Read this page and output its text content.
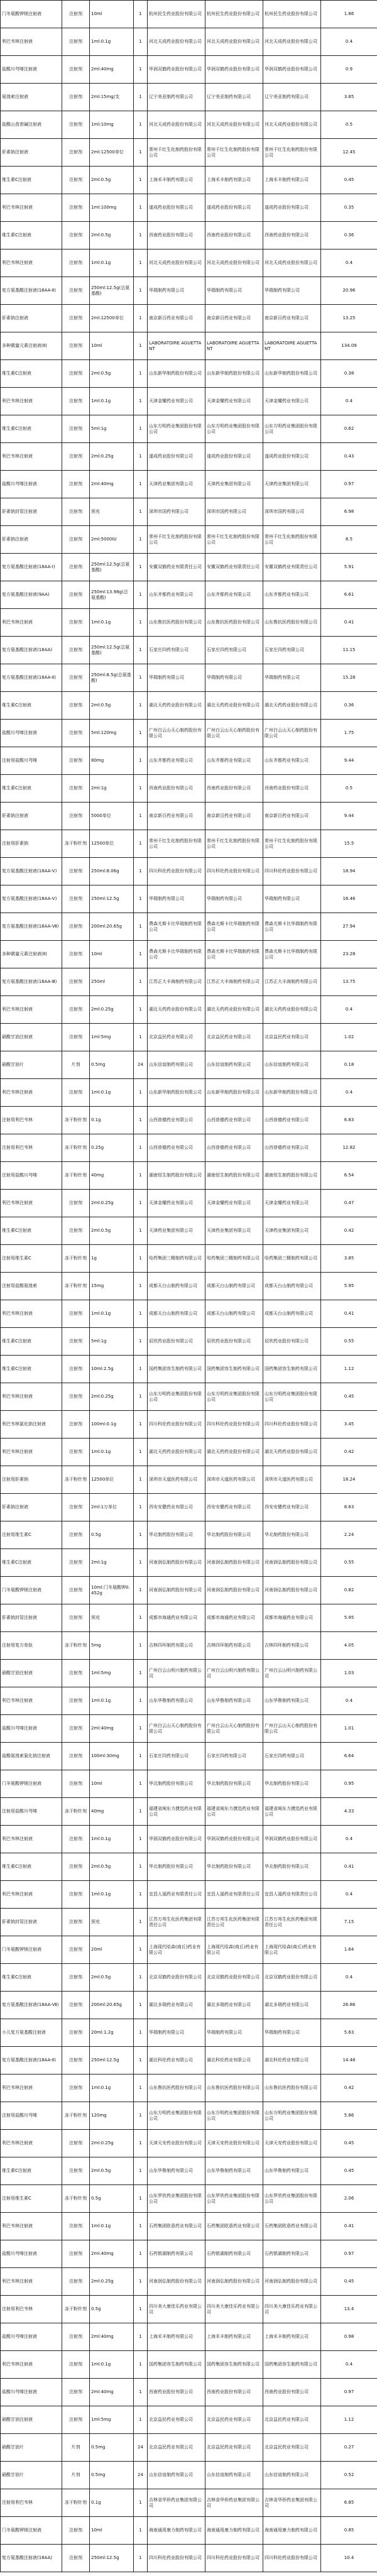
门冬氨酸钾镁注射液	注射剂	10ml	1	杭州民生药业股份有限公司	杭州民生药业股份有限公司	杭州民生药业股份有限公司	1.86
利巴韦林注射液	注射剂	1ml:0.1g	1	河北天成药业股份有限公司	河北天成药业股份有限公司	河北天成药业股份有限公司	0.4
盐酸川芎嗪注射液	注射剂	2ml:40mg	1	华润双鹤药业股份有限公司	华润双鹤药业股份有限公司	华润双鹤药业股份有限公司	0.9
氨溴索注射液	注射剂	2ml:15mg/支	1	辽宁美亚制药有限公司	辽宁美亚制药有限公司	辽宁美亚制药有限公司	3.65
盐酸山莨菪碱注射液	注射剂	1ml:10mg	1	河北天成药业股份有限公司	河北天成药业股份有限公司	河北天成药业股份有限公司	0.5
肝素钠注射液	注射剂	2ml:12500单位	1	常州千红生化制药股份有限公司	常州千红生化制药股份有限公司	常州千红生化制药股份有限公司	12.45
维生素C注射液	注射剂	2ml:0.5g	1	上海禾丰制药有限公司	上海禾丰制药有限公司	上海禾丰制药有限公司	0.45
利巴韦林注射液	注射剂	1ml:100mg	1	遂成药业股份有限公司	遂成药业股份有限公司	遂成药业股份有限公司	0.35
维生素C注射液	注射剂	2ml:0.5g	1	西南药业股份有限公司	西南药业股份有限公司	西南药业股份有限公司	0.36
利巴韦林注射液	注射剂	1ml:0.1g	1	河北天成药业股份有限公司	河北天成药业股份有限公司	河北天成药业股份有限公司	0.4
复方氨基酸注射液(18AA-Ⅱ)	注射剂	250ml:12.5g(总氨基酸)	1	华瑞制药有限公司	华瑞制药有限公司	华瑞制药有限公司	20.96
肝素钠注射液	注射剂	2ml:12500单位	1	南京新百药业有限公司	南京新百药业有限公司	南京新百药业有限公司	13.25
多种微量元素注射液(Ⅱ)	注射剂	10ml	1	LABORATOIRE AGUETTANT	LABORATOIRE AGUETTANT	LABORATOIRE AGUETTANT	134.09
维生素C注射液	注射剂	2ml:0.5g	1	山东新华制药股份有限公司	山东新华制药股份有限公司	山东新华制药股份有限公司	0.38
利巴韦林注射液	注射剂	1ml:0.1g	1	天津金耀药业有限公司	天津金耀药业有限公司	天津金耀药业有限公司	0.4
维生素C注射液	注射剂	5ml:1g	1	山东方明药业集团股份有限公司	山东方明药业集团股份有限公司	山东方明药业集团股份有限公司	0.62
利巴韦林注射液	注射剂	2ml:0.25g	1	遂成药业股份有限公司	遂成药业股份有限公司	遂成药业股份有限公司	0.43
盐酸川芎嗪注射液	注射剂	2ml:40mg	1	天津药业集团有限公司	天津药业集团有限公司	天津药业集团有限公司	0.97
肝素钠封管注射液	注射剂	预充	1	深圳市国药有限公司	深圳市国药有限公司	深圳市国药有限公司	6.98
肝素钠注射液	注射剂	2ml:5000IU	1	常州千红生化制药股份有限公司	常州千红生化制药股份有限公司	常州千红生化制药股份有限公司	8.5
复方氨基酸注射液(18AA-Ⅰ)	注射剂	250ml:12.5g(总氨基酸)	1	安徽双鹤药业有限责任公司	安徽双鹤药业有限责任公司	安徽双鹤药业有限责任公司	5.91
复方氨基酸注射液(9AA)	注射剂	250ml:13.98g(总氨基酸)	1	山东齐都药业有限公司	山东齐都药业有限公司	山东齐都药业有限公司	6.61
利巴韦林注射液	注射剂	1ml:0.1g	1	山东鲁抗医药股份有限公司	山东鲁抗医药股份有限公司	山东鲁抗医药股份有限公司	0.41
复方氨基酸注射液(18AA)	注射剂	250ml:12.5g(总氨基酸)	1	石家庄四药有限公司	石家庄四药有限公司	石家庄四药有限公司	11.15
复方氨基酸注射液(18AA-Ⅱ)	注射剂	250ml:8.5g(总氨基酸)	1	华瑞制药有限公司	华瑞制药有限公司	华瑞制药有限公司	15.28
维生素C注射液	注射剂	2ml:0.5g	1	湖北天药药业股份有限公司	湖北天药药业股份有限公司	湖北天药药业股份有限公司	0.36
盐酸川芎嗪注射液	注射剂	5ml:120mg	1	广州白云山天心制药股份有限公司	广州白云山天心制药股份有限公司	广州白云山天心制药股份有限公司	1.75
注射用盐酸川芎嗪	注射剂	80mg	1	山东齐都药业有限公司	山东齐都药业有限公司	山东齐都药业有限公司	9.44
维生素C注射液	注射剂	2ml:1g	1	西南药业股份有限公司	西南药业股份有限公司	西南药业股份有限公司	0.5
肝素钠注射液	注射剂	5000单位	1	南京新百药业有限公司	南京新百药业有限公司	南京新百药业有限公司	9.44
注射用肝素钠	冻干粉针剂	12500单位	1	常州千红生化制药股份有限公司	常州千红生化制药股份有限公司	常州千红生化制药股份有限公司	15.5
复方氨基酸注射液(18AA-Ⅴ)	注射剂	250ml:8.06g	1	四川科伦药业股份有限公司	四川科伦药业股份有限公司	四川科伦药业股份有限公司	18.94
复方氨基酸注射液(18AA-Ⅴ)	注射剂	250ml:12.5g	1	华瑞制药有限公司	华瑞制药有限公司	华瑞制药有限公司	16.46
复方氨基酸注射液(18AA-Ⅶ)	注射剂	200ml:20.65g	1	费森尤斯卡比华瑞制药有限公司	费森尤斯卡比华瑞制药有限公司	费森尤斯卡比华瑞制药有限公司	27.94
多种微量元素注射液(Ⅱ)	注射剂	10ml	1	费森尤斯卡比华瑞制药有限公司	费森尤斯卡比华瑞制药有限公司	费森尤斯卡比华瑞制药有限公司	23.28
复方氨基酸注射液(18AA-Ⅲ)	注射剂	250ml	1	江苏正大丰海制药有限公司	江苏正大丰海制药有限公司	江苏正大丰海制药有限公司	13.75
利巴韦林注射液	注射剂	2ml:0.25g	1	湖北天药药业股份有限公司	湖北天药药业股份有限公司	湖北天药药业股份有限公司	0.4
硝酸甘油注射液	注射剂	1ml:5mg	1	北京益民药业有限公司	北京益民药业有限公司	北京益民药业有限公司	1.02
硝酸甘油片	片剂	0.5mg	24	山东信谊制药有限公司	山东信谊制药有限公司	山东信谊制药有限公司	0.18
利巴韦林注射液	注射剂	1ml:0.1g	1	山东新华制药股份有限公司	山东新华制药股份有限公司	山东新华制药股份有限公司	0.4
注射用利巴韦林	冻干粉针剂	0.1g	1	山西普德药业有限公司	山西普德药业有限公司	山西普德药业有限公司	6.83
注射用利巴韦林	冻干粉针剂	0.25g	1	山西普德药业有限公司	山西普德药业有限公司	山西普德药业有限公司	12.82
注射用盐酸川芎嗪	冻干粉针剂	40mg	1	湖南恒生制药股份有限公司	湖南恒生制药股份有限公司	湖南恒生制药股份有限公司	6.54
利巴韦林注射液	注射剂	2ml:0.25g	1	天津金耀药业有限公司	天津金耀药业有限公司	天津金耀药业有限公司	0.47
维生素C注射液	注射剂	2ml:0.5g	1	天津药业集团有限公司	天津药业集团有限公司	天津药业集团有限公司	0.42
注射用维生素C	冻干粉针剂	1g	1	哈药集团三精制药有限公司	哈药集团三精制药有限公司	哈药集团三精制药有限公司	3.85
注射用盐酸氨溴索	冻干粉针剂	15mg	1	成都天台山制药有限公司	成都天台山制药有限公司	成都天台山制药有限公司	5.95
利巴韦林注射液	注射剂	1ml:0.1g	1	成都天台山制药有限公司	成都天台山制药有限公司	成都天台山制药有限公司	0.41
维生素C注射液	注射剂	5ml:1g	1	辰欣药业股份有限公司	辰欣药业股份有限公司	辰欣药业股份有限公司	0.55
维生素C注射液	注射剂	10ml:2.5g	1	国药集团容生制药有限公司	国药集团容生制药有限公司	国药集团容生制药有限公司	1.12
利巴韦林注射液	注射剂	2ml:0.25g	1	山东方明药业集团股份有限公司	山东方明药业集团股份有限公司	山东方明药业集团股份有限公司	0.45
利巴韦林氯化钠注射液	注射剂	100ml:0.1g	1	四川科伦药业股份有限公司	四川科伦药业股份有限公司	四川科伦药业股份有限公司	3.45
利巴韦林注射液	注射剂	1ml:0.1g	1	湖北天药药业股份有限公司	湖北天药药业股份有限公司	湖北天药药业股份有限公司	0.42
注射用肝素钠	冻干粉针剂	12500单位	1	深圳市天道医药有限公司	深圳市天道医药有限公司	深圳市天道医药有限公司	18.24
肝素钠注射液	注射剂	2ml:1万单位	1	西安安健药业有限公司	西安安健药业有限公司	西安安健药业有限公司	8.63
注射用维生素C	注射剂	0.5g	1	华北制药股份有限公司	华北制药股份有限公司	华北制药股份有限公司	2.24
维生素C注射液	注射剂	2ml:1g	1	河南润弘制药股份有限公司	河南润弘制药股份有限公司	河南润弘制药股份有限公司	0.55
门冬氨酸钾镁注射液	注射剂	10ml:门冬氨酸钾0.452g	1	河南润弘制药股份有限公司	河南润弘制药股份有限公司	河南润弘制药股份有限公司	0.82
肝素钠封管注射液	注射剂	预充	1	成都市海通药业有限公司	成都市海通药业有限公司	成都市海通药业有限公司	5.95
注射用复方骨肽	冻干粉针剂	5mg	1	吉林四环制药有限公司	吉林四环制药有限公司	吉林四环制药有限公司	4.05
硝酸甘油注射液	注射剂	1ml:5mg	1	广州白云山明兴制药有限公司	广州白云山明兴制药有限公司	广州白云山明兴制药有限公司	1.03
利巴韦林注射液	注射剂	1ml:0.1g	1	山东华鲁制药有限公司	山东华鲁制药有限公司	山东华鲁制药有限公司	0.4
盐酸川芎嗪注射液	注射剂	2ml:40mg	1	广州白云山天心制药股份有限公司	广州白云山天心制药股份有限公司	广州白云山天心制药股份有限公司	1.01
盐酸氨溴索氯化钠注射液	注射剂	100ml:30mg	1	石家庄四药有限公司	石家庄四药有限公司	石家庄四药有限公司	6.64
门冬氨酸钾镁注射液	注射剂	10ml	1	华北制药股份有限公司	华北制药股份有限公司	华北制药股份有限公司	0.95
注射用盐酸川芎嗪	冻干粉针剂	40mg	1	福建省闽东力捷迅药业有限公司	福建省闽东力捷迅药业有限公司	福建省闽东力捷迅药业有限公司	4.33
利巴韦林注射液	注射剂	1ml:0.1g	1	华润双鹤药业股份有限公司	华润双鹤药业股份有限公司	华润双鹤药业股份有限公司	0.4
维生素C注射液	注射剂	2ml:0.5g	1	华北制药股份有限公司	华北制药股份有限公司	华北制药股份有限公司	0.41
利巴韦林注射液	注射剂	1ml:0.1g	1	宜昌人福药业有限责任公司	宜昌人福药业有限责任公司	宜昌人福药业有限责任公司	0.4
肝素钠封管注射液	注射剂	预充	1	江苏万邦生化医药集团有限责任公司	江苏万邦生化医药集团有限责任公司	江苏万邦生化医药集团有限责任公司	7.15
门冬氨酸钾镁注射液	注射剂	20ml	1	上海现代哈森(商丘)药业有限公司	上海现代哈森(商丘)药业有限公司	上海现代哈森(商丘)药业有限公司	1.64
维生素C注射液	注射剂	2ml:0.5g	1	北京双鹤药业股份有限公司	北京双鹤药业股份有限公司	北京双鹤药业股份有限公司	0.4
复方氨基酸注射液(18AA-Ⅶ)	注射剂	200ml:20.65g	1	湖北多瑞药业有限公司	湖北多瑞药业有限公司	湖北多瑞药业有限公司	26.86
小儿复方氨基酸注射液	注射剂	20ml:1.2g	1	华瑞制药有限公司	华瑞制药有限公司	华瑞制药有限公司	5.63
复方氨基酸注射液(18AA-Ⅱ)	注射剂	250ml:12.5g	1	湖北科伦药业有限公司	湖北科伦药业有限公司	湖北科伦药业有限公司	14.48
利巴韦林注射液	注射剂	1ml:0.1g	1	山东鲁抗医药股份有限公司	山东鲁抗医药股份有限公司	山东鲁抗医药股份有限公司	0.42
注射用盐酸川芎嗪	冻干粉针剂	120mg	1	山东方明药业集团股份有限公司	山东方明药业集团股份有限公司	山东方明药业集团股份有限公司	5.86
利巴韦林注射液	注射剂	2ml:0.25g	1	天津天安药业股份有限公司	天津天安药业股份有限公司	天津天安药业股份有限公司	0.45
维生素C注射液	注射剂	2ml:0.5g	1	山东华鲁制药有限公司	山东华鲁制药有限公司	山东华鲁制药有限公司	0.45
注射用维生素C	冻干粉针剂	0.5g	1	山东罗欣药业集团股份有限公司	山东罗欣药业集团股份有限公司	山东罗欣药业集团股份有限公司	2.06
利巴韦林注射液	注射剂	1ml:0.1g	1	石药集团欧意药业有限公司	石药集团欧意药业有限公司	石药集团欧意药业有限公司	0.41
盐酸川芎嗪注射液	注射剂	2ml:40mg	1	石药银湖制药有限公司	石药银湖制药有限公司	石药银湖制药有限公司	0.97
利巴韦林注射液	注射剂	2ml:0.25g	1	河南润弘制药股份有限公司	河南润弘制药股份有限公司	河南润弘制药股份有限公司	0.45
注射用利巴韦林	冻干粉针剂	0.5g	1	四川美大康佳乐药业有限公司	四川美大康佳乐药业有限公司	四川美大康佳乐药业有限公司	13.4
盐酸川芎嗪注射液	注射剂	2ml:40mg	1	上海禾丰制药有限公司	上海禾丰制药有限公司	上海禾丰制药有限公司	0.98
利巴韦林注射液	注射剂	1ml:0.1g	1	国药集团容生制药有限公司	国药集团容生制药有限公司	国药集团容生制药有限公司	0.4
盐酸川芎嗪注射液	注射剂	2ml:40mg	1	西南药业股份有限公司	西南药业股份有限公司	西南药业股份有限公司	0.97
硝酸甘油注射液	注射剂	1ml:5mg	1	北京益民药业有限公司	北京益民药业有限公司	北京益民药业有限公司	1.12
硝酸甘油片	片剂	0.5mg	24	北京益民药业有限公司	北京益民药业有限公司	北京益民药业有限公司	0.27
硝酸甘油片	片剂	0.5mg	24	山东信谊制药有限公司	山东信谊制药有限公司	山东信谊制药有限公司	0.52
注射用利巴韦林	冻干粉针剂	0.1g	1	吉林省华侨药业集团有限公司	吉林省华侨药业集团有限公司	吉林省华侨药业集团有限公司	6.85
门冬氨酸钾镁注射液	注射剂	10ml	1	海南通用康力制药有限公司	海南通用康力制药有限公司	海南通用康力制药有限公司	0.85
复方氨基酸注射液(18AA)	注射剂	250ml:12.5g	1	四川科伦药业股份有限公司	四川科伦药业股份有限公司	四川科伦药业股份有限公司	10.4
